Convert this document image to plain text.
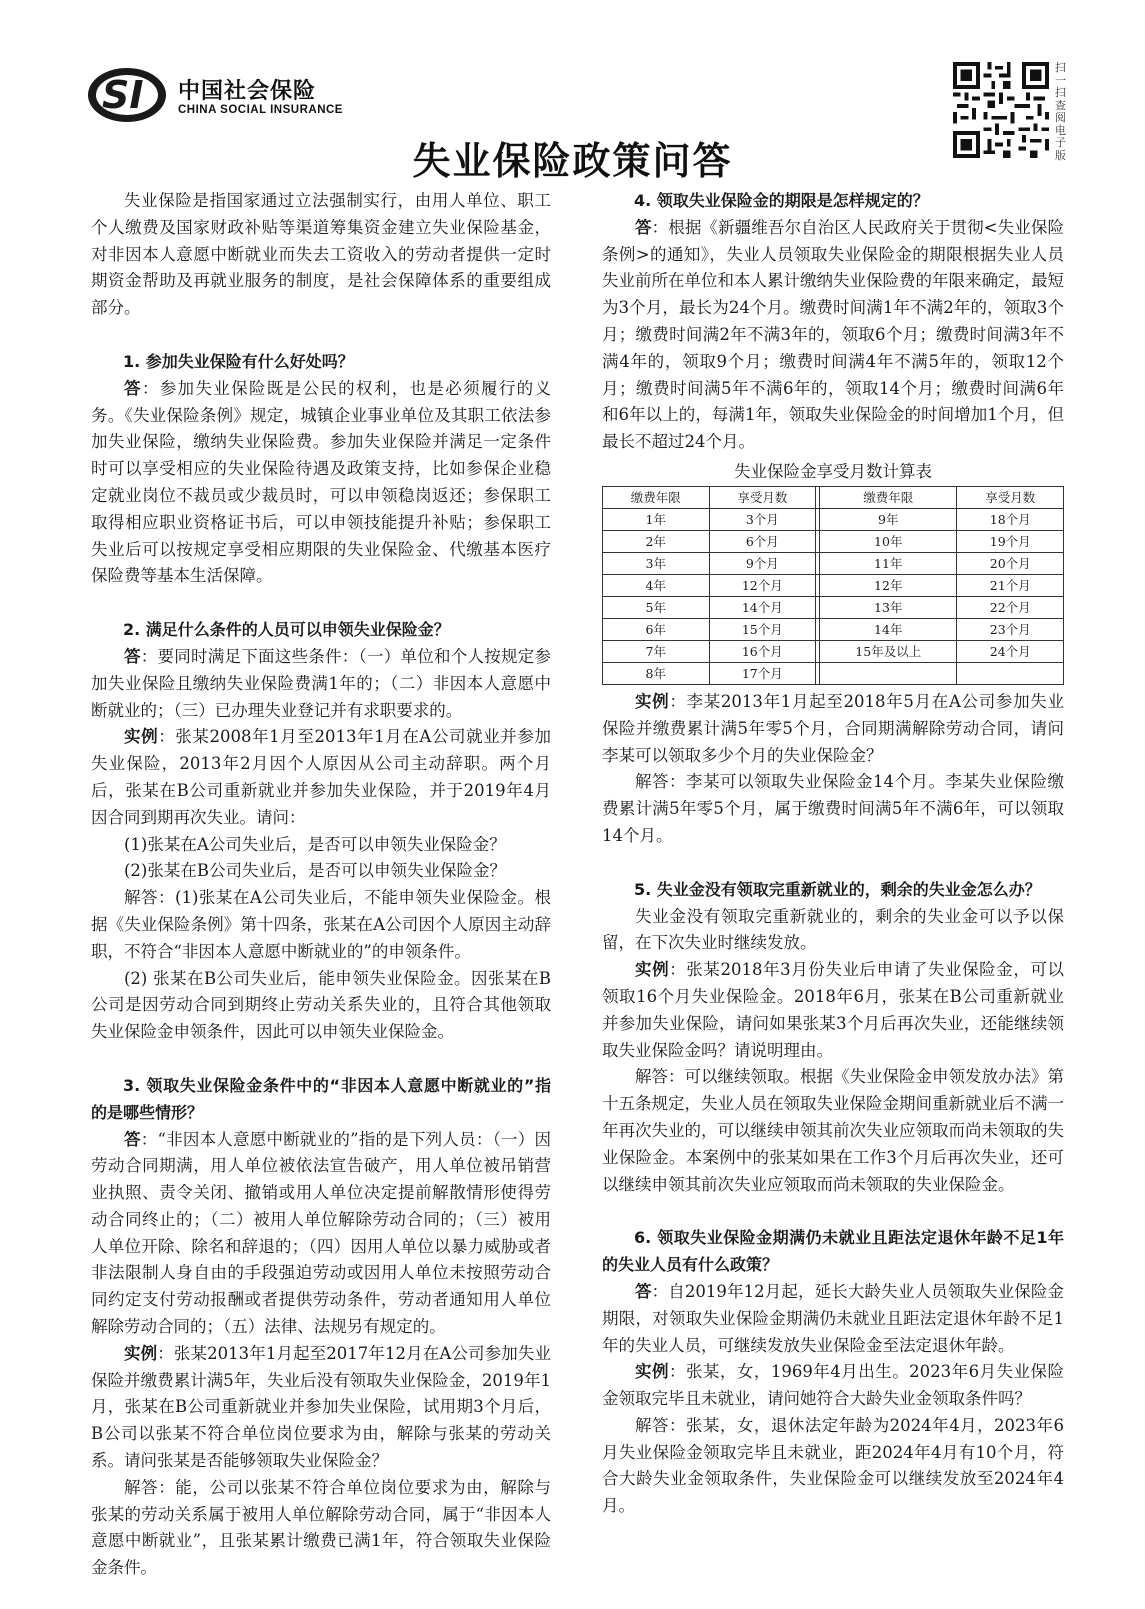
SI 中国社会保险
CHINA SOCIAL INSURANCE
扫一扫查阅电子版
失业保险政策问答

失业保险是指国家通过立法强制实行，由用人单位、职工个人缴费及国家财政补贴等渠道筹集资金建立失业保险基金，对非因本人意愿中断就业而失去工资收入的劳动者提供一定时期资金帮助及再就业服务的制度，是社会保障体系的重要组成部分。

1. 参加失业保险有什么好处吗？

答：参加失业保险既是公民的权利，也是必须履行的义务。《失业保险条例》规定，城镇企业事业单位及其职工依法参加失业保险，缴纳失业保险费。参加失业保险并满足一定条件时可以享受相应的失业保险待遇及政策支持，比如参保企业稳定就业岗位不裁员或少裁员时，可以申领稳岗返还；参保职工取得相应职业资格证书后，可以申领技能提升补贴；参保职工失业后可以按规定享受相应期限的失业保险金、代缴基本医疗保险费等基本生活保障。

2. 满足什么条件的人员可以申领失业保险金？

答：要同时满足下面这些条件：（一）单位和个人按规定参加失业保险且缴纳失业保险费满1年的；（二）非因本人意愿中断就业的；（三）已办理失业登记并有求职要求的。

实例：张某2008年1月至2013年1月在A公司就业并参加失业保险，2013年2月因个人原因从公司主动辞职。两个月后，张某在B公司重新就业并参加失业保险，并于2019年4月因合同到期再次失业。请问：

(1)张某在A公司失业后，是否可以申领失业保险金？

(2)张某在B公司失业后，是否可以申领失业保险金？

解答：(1)张某在A公司失业后，不能申领失业保险金。根据《失业保险条例》第十四条，张某在A公司因个人原因主动辞职，不符合“非因本人意愿中断就业的”的申领条件。

(2) 张某在B公司失业后，能申领失业保险金。因张某在B公司是因劳动合同到期终止劳动关系失业的，且符合其他领取失业保险金申领条件，因此可以申领失业保险金。

3. 领取失业保险金条件中的“非因本人意愿中断就业的”指 的是哪些情形？

答：“非因本人意愿中断就业的”指的是下列人员：（一）因劳动合同期满，用人单位被依法宣告破产，用人单位被吊销营业执照、责令关闭、撤销或用人单位决定提前解散情形使得劳动合同终止的；（二）被用人单位解除劳动合同的；（三）被用人单位开除、除名和辞退的；（四）因用人单位以暴力威胁或者非法限制人身自由的手段强迫劳动或因用人单位未按照劳动合同约定支付劳动报酬或者提供劳动条件，劳动者通知用人单位解除劳动合同的；（五）法律、法规另有规定的。

实例：张某2013年1月起至2017年12月在A公司参加失业保险并缴费累计满5年，失业后没有领取失业保险金，2019年1月，张某在B公司重新就业并参加失业保险，试用期3个月后，B公司以张某不符合单位岗位要求为由，解除与张某的劳动关系。请问张某是否能够领取失业保险金？

解答：能，公司以张某不符合单位岗位要求为由，解除与张某的劳动关系属于被用人单位解除劳动合同，属于“非因本人意愿中断就业”，且张某累计缴费已满1年，符合领取失业保险金条件。

4. 领取失业保险金的期限是怎样规定的？

答：根据《新疆维吾尔自治区人民政府关于贯彻<失业保险条例>的通知》，失业人员领取失业保险金的期限根据失业人员失业前所在单位和本人累计缴纳失业保险费的年限来确定，最短为3个月，最长为24个月。缴费时间满1年不满2年的，领取3个月；缴费时间满2年不满3年的，领取6个月；缴费时间满3年不满4年的，领取9个月；缴费时间满4年不满5年的，领取12个月；缴费时间满5年不满6年的，领取14个月；缴费时间满6年和6年以上的，每满1年，领取失业保险金的时间增加1个月，但最长不超过24个月。

失业保险金享受月数计算表
缴费年限	享受月数		缴费年限	享受月数
1年	3个月		9年	18个月
2年	6个月		10年	19个月
3年	9个月		11年	20个月
4年	12个月		12年	21个月
5年	14个月		13年	22个月
6年	15个月		14年	23个月
7年	16个月		15年及以上	24个月
8年	17个月			

实例：李某2013年1月起至2018年5月在A公司参加失业保险并缴费累计满5年零5个月，合同期满解除劳动合同，请问李某可以领取多少个月的失业保险金？

解答：李某可以领取失业保险金14个月。李某失业保险缴费累计满5年零5个月，属于缴费时间满5年不满6年，可以领取14个月。

5. 失业金没有领取完重新就业的，剩余的失业金怎么办？

失业金没有领取完重新就业的，剩余的失业金可以予以保留，在下次失业时继续发放。

实例：张某2018年3月份失业后申请了失业保险金，可以领取16个月失业保险金。2018年6月，张某在B公司重新就业并参加失业保险，请问如果张某3个月后再次失业，还能继续领取失业保险金吗？请说明理由。

解答：可以继续领取。根据《失业保险金申领发放办法》第十五条规定，失业人员在领取失业保险金期间重新就业后不满一年再次失业的，可以继续申领其前次失业应领取而尚未领取的失业保险金。本案例中的张某如果在工作3个月后再次失业，还可以继续申领其前次失业应领取而尚未领取的失业保险金。

6. 领取失业保险金期满仍未就业且距法定退休年龄不足1年的失业人员有什么政策？

答：自2019年12月起，延长大龄失业人员领取失业保险金期限，对领取失业保险金期满仍未就业且距法定退休年龄不足1年的失业人员，可继续发放失业保险金至法定退休年龄。

实例：张某，女，1969年4月出生。2023年6月失业保险金领取完毕且未就业，请问她符合大龄失业金领取条件吗？

解答：张某，女，退休法定年龄为2024年4月，2023年6月失业保险金领取完毕且未就业，距2024年4月有10个月，符合大龄失业金领取条件，失业保险金可以继续发放至2024年4月。
